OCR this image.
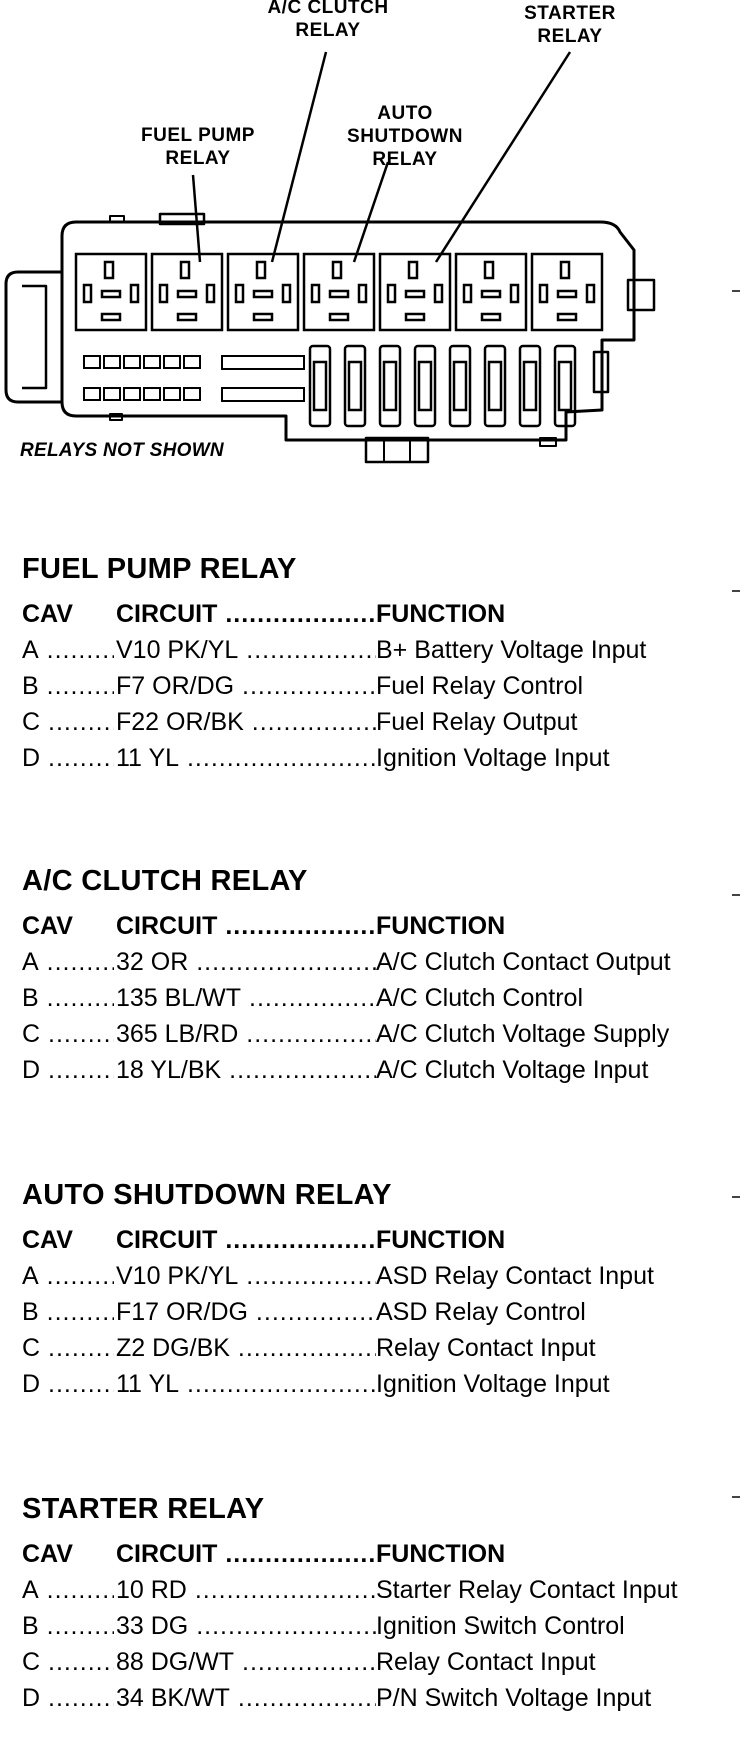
A/C CLUTCH
RELAY
STARTER
RELAY
AUTO
SHUTDOWN
RELAY
FUEL PUMP
RELAY
RELAYS NOT SHOWN
FUEL PUMP RELAY
CAV	CIRCUIT .....	FUNCTION
A .....	V10 PK/YL .....	B+ Battery Voltage Input
B .....	F7 OR/DG .....	Fuel Relay Control
C .....	F22 OR/BK .....	Fuel Relay Output
D .....	11 YL .....	Ignition Voltage Input
A/C CLUTCH RELAY
CAV	CIRCUIT .....	FUNCTION
A .....	32 OR .....	A/C Clutch Contact Output
B .....	135 BL/WT .....	A/C Clutch Control
C .....	365 LB/RD .....	A/C Clutch Voltage Supply
D .....	18 YL/BK .....	A/C Clutch Voltage Input
AUTO SHUTDOWN RELAY
CAV	CIRCUIT .....	FUNCTION
A .....	V10 PK/YL .....	ASD Relay Contact Input
B .....	F17 OR/DG .....	ASD Relay Control
C .....	Z2 DG/BK .....	Relay Contact Input
D .....	11 YL .....	Ignition Voltage Input
STARTER RELAY
CAV	CIRCUIT .....	FUNCTION
A .....	10 RD .....	Starter Relay Contact Input
B .....	33 DG .....	Ignition Switch Control
C .....	88 DG/WT .....	Relay Contact Input
D .....	34 BK/WT .....	P/N Switch Voltage Input
